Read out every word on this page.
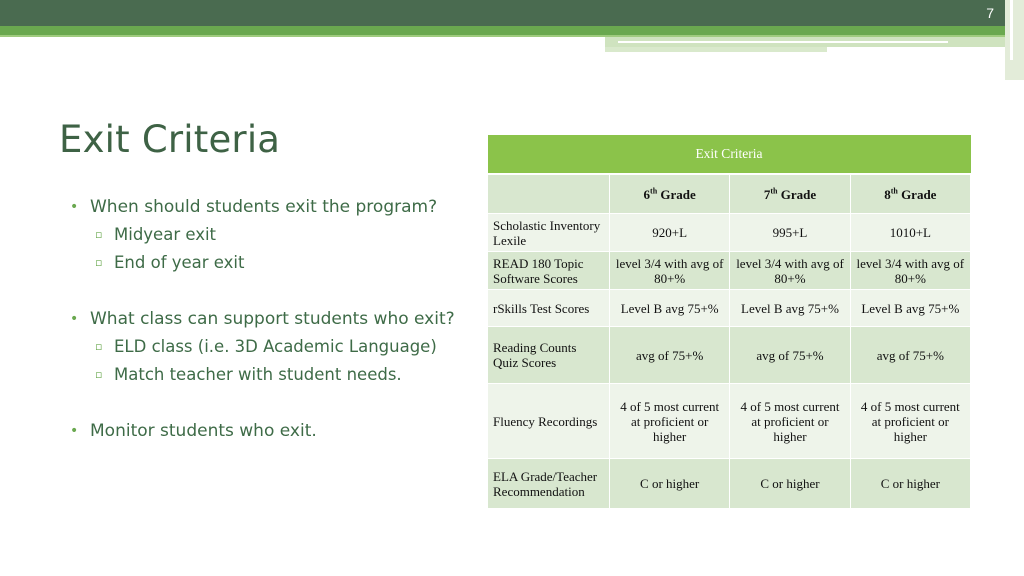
7
Exit Criteria
• When should students exit the program?
▫ Midyear exit
▫ End of year exit
• What class can support students who exit?
▫ ELD class (i.e. 3D Academic Language)
▫ Match teacher with student needs.
• Monitor students who exit.
Exit Criteria			
	6th Grade	7th Grade	8th Grade
Scholastic Inventory Lexile	920+L	995+L	1010+L
READ 180 Topic Software Scores	level 3/4 with avg of 80+%	level 3/4 with avg of 80+%	level 3/4 with avg of 80+%
rSkills Test Scores	Level B avg 75+%	Level B avg 75+%	Level B avg 75+%
Reading Counts Quiz Scores	avg of 75+%	avg of 75+%	avg of 75+%
Fluency Recordings	4 of 5 most current at proficient or higher	4 of 5 most current at proficient or higher	4 of 5 most current at proficient or higher
ELA Grade/Teacher Recommendation	C or higher	C or higher	C or higher
